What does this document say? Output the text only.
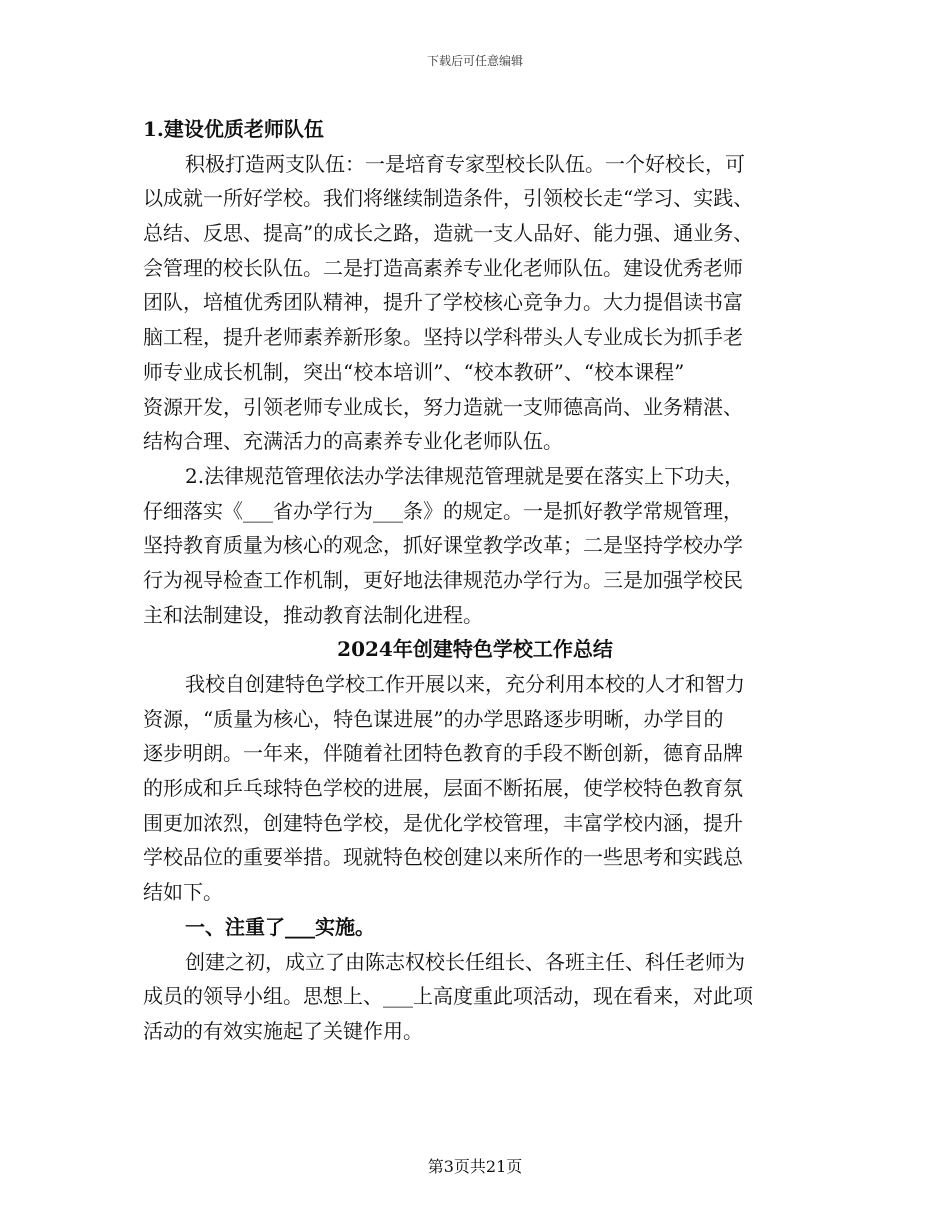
下载后可任意编辑
1.建设优质老师队伍
积极打造两支队伍：一是培育专家型校长队伍。一个好校长，可
以成就一所好学校。我们将继续制造条件，引领校长走“学习、实践、
总结、反思、提高”的成长之路，造就一支人品好、能力强、通业务、
会管理的校长队伍。二是打造高素养专业化老师队伍。建设优秀老师
团队，培植优秀团队精神，提升了学校核心竞争力。大力提倡读书富
脑工程，提升老师素养新形象。坚持以学科带头人专业成长为抓手老
师专业成长机制，突出“校本培训”、“校本教研”、“校本课程”
资源开发，引领老师专业成长，努力造就一支师德高尚、业务精湛、
结构合理、充满活力的高素养专业化老师队伍。
2.法律规范管理依法办学法律规范管理就是要在落实上下功夫，
仔细落实《___省办学行为___条》的规定。一是抓好教学常规管理，
坚持教育质量为核心的观念，抓好课堂教学改革；二是坚持学校办学
行为视导检查工作机制，更好地法律规范办学行为。三是加强学校民
主和法制建设，推动教育法制化进程。
2024年创建特色学校工作总结
我校自创建特色学校工作开展以来，充分利用本校的人才和智力
资源，“质量为核心，特色谋进展”的办学思路逐步明晰，办学目的
逐步明朗。一年来，伴随着社团特色教育的手段不断创新，德育品牌
的形成和乒乓球特色学校的进展，层面不断拓展，使学校特色教育氛
围更加浓烈，创建特色学校，是优化学校管理，丰富学校内涵，提升
学校品位的重要举措。现就特色校创建以来所作的一些思考和实践总
结如下。
一、注重了___实施。
创建之初，成立了由陈志权校长任组长、各班主任、科任老师为
成员的领导小组。思想上、___上高度重此项活动，现在看来，对此项
活动的有效实施起了关键作用。
第3页共21页
